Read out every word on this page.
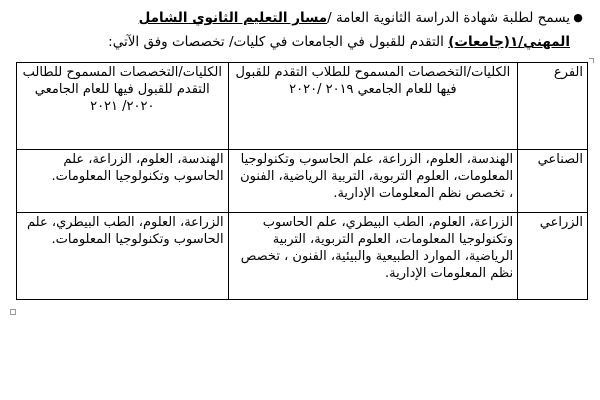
●
يسمح لطلبة شهادة الدراسة الثانوية العامة /مسار التعليم الثانوي الشامل
المهني/١(جامعات) التقدم للقبول في الجامعات في كليات/ تخصصات وفق الآتي:
الفرع	الكليات/التخصصات المسموح للطلاب التقدم للقبول فيها للعام الجامعي ٢٠١٩ /٢٠٢٠	الكليات/التخصصات المسموح للطالب التقدم للقبول فيها للعام الجامعي ٢٠٢٠/ ٢٠٢١
الصناعي	الهندسة، العلوم، الزراعة، علم الحاسوب وتكنولوجيا المعلومات، العلوم التربوية، التربية الرياضية، الفنون ، تخصص نظم المعلومات الإدارية.	الهندسة، العلوم، الزراعة، علم الحاسوب وتكنولوجيا المعلومات.
الزراعي	الزراعة، العلوم، الطب البيطري، علم الحاسوب وتكنولوجيا المعلومات، العلوم التربوية، التربية الرياضية، الموارد الطبيعية والبيئية، الفنون ، تخصص نظم المعلومات الإدارية.	الزراعة، العلوم، الطب البيطري، علم الحاسوب وتكنولوجيا المعلومات.
